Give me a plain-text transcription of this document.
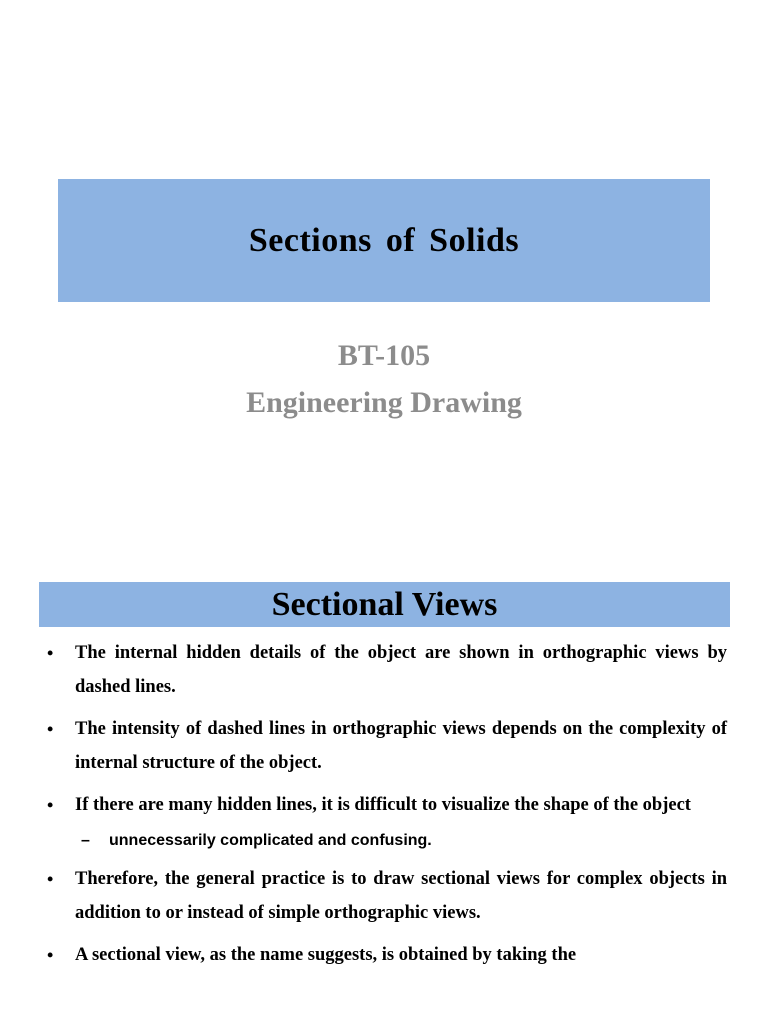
Sections of Solids
BT-105
Engineering Drawing
Sectional Views
• The internal hidden details of the object are shown in orthographic views by dashed lines.
• The intensity of dashed lines in orthographic views depends on the complexity of internal structure of the object.
• If there are many hidden lines, it is difficult to visualize the shape of the object
– unnecessarily complicated and confusing.
• Therefore, the general practice is to draw sectional views for complex objects in addition to or instead of simple orthographic views.
• A sectional view, as the name suggests, is obtained by taking the
